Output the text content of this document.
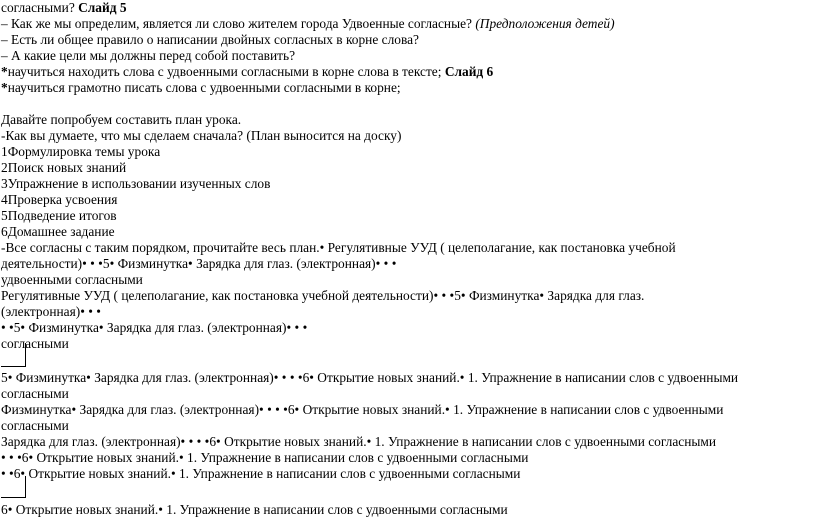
согласными? Слайд 5
– Как же мы определим, является ли слово жителем города Удвоенные согласные? (Предположения детей)
– Есть ли общее правило о написании двойных согласных в корне слова?
– А какие цели мы должны перед собой поставить?
*научиться находить слова с удвоенными согласными в корне слова в тексте; Слайд 6
*научиться грамотно писать слова с удвоенными согласными в корне;
Давайте попробуем составить план урока.
-Как вы думаете, что мы сделаем сначала? (План выносится на доску)
1Формулировка темы урока
2Поиск новых знаний
3Упражнение в использовании изученных слов
4Проверка усвоения
5Подведение итогов
6Домашнее задание
-Все согласны с таким порядком, прочитайте весь план.• Регулятивные УУД ( целеполагание, как постановка учебной
деятельности)• • •5• Физминутка• Зарядка для глаз. (электронная)• • •
удвоенными согласными
Регулятивные УУД ( целеполагание, как постановка учебной деятельности)• • •5• Физминутка• Зарядка для глаз.
(электронная)• • •
• •5• Физминутка• Зарядка для глаз. (электронная)• • •
согласными
5• Физминутка• Зарядка для глаз. (электронная)• • • •6• Открытие новых знаний.• 1. Упражнение в написании слов с удвоенными
согласными
Физминутка• Зарядка для глаз. (электронная)• • • •6• Открытие новых знаний.• 1. Упражнение в написании слов с удвоенными
согласными
Зарядка для глаз. (электронная)• • • •6• Открытие новых знаний.• 1. Упражнение в написании слов с удвоенными согласными
• • •6• Открытие новых знаний.• 1. Упражнение в написании слов с удвоенными согласными
• •6• Открытие новых знаний.• 1. Упражнение в написании слов с удвоенными согласными
6• Открытие новых знаний.• 1. Упражнение в написании слов с удвоенными согласными
